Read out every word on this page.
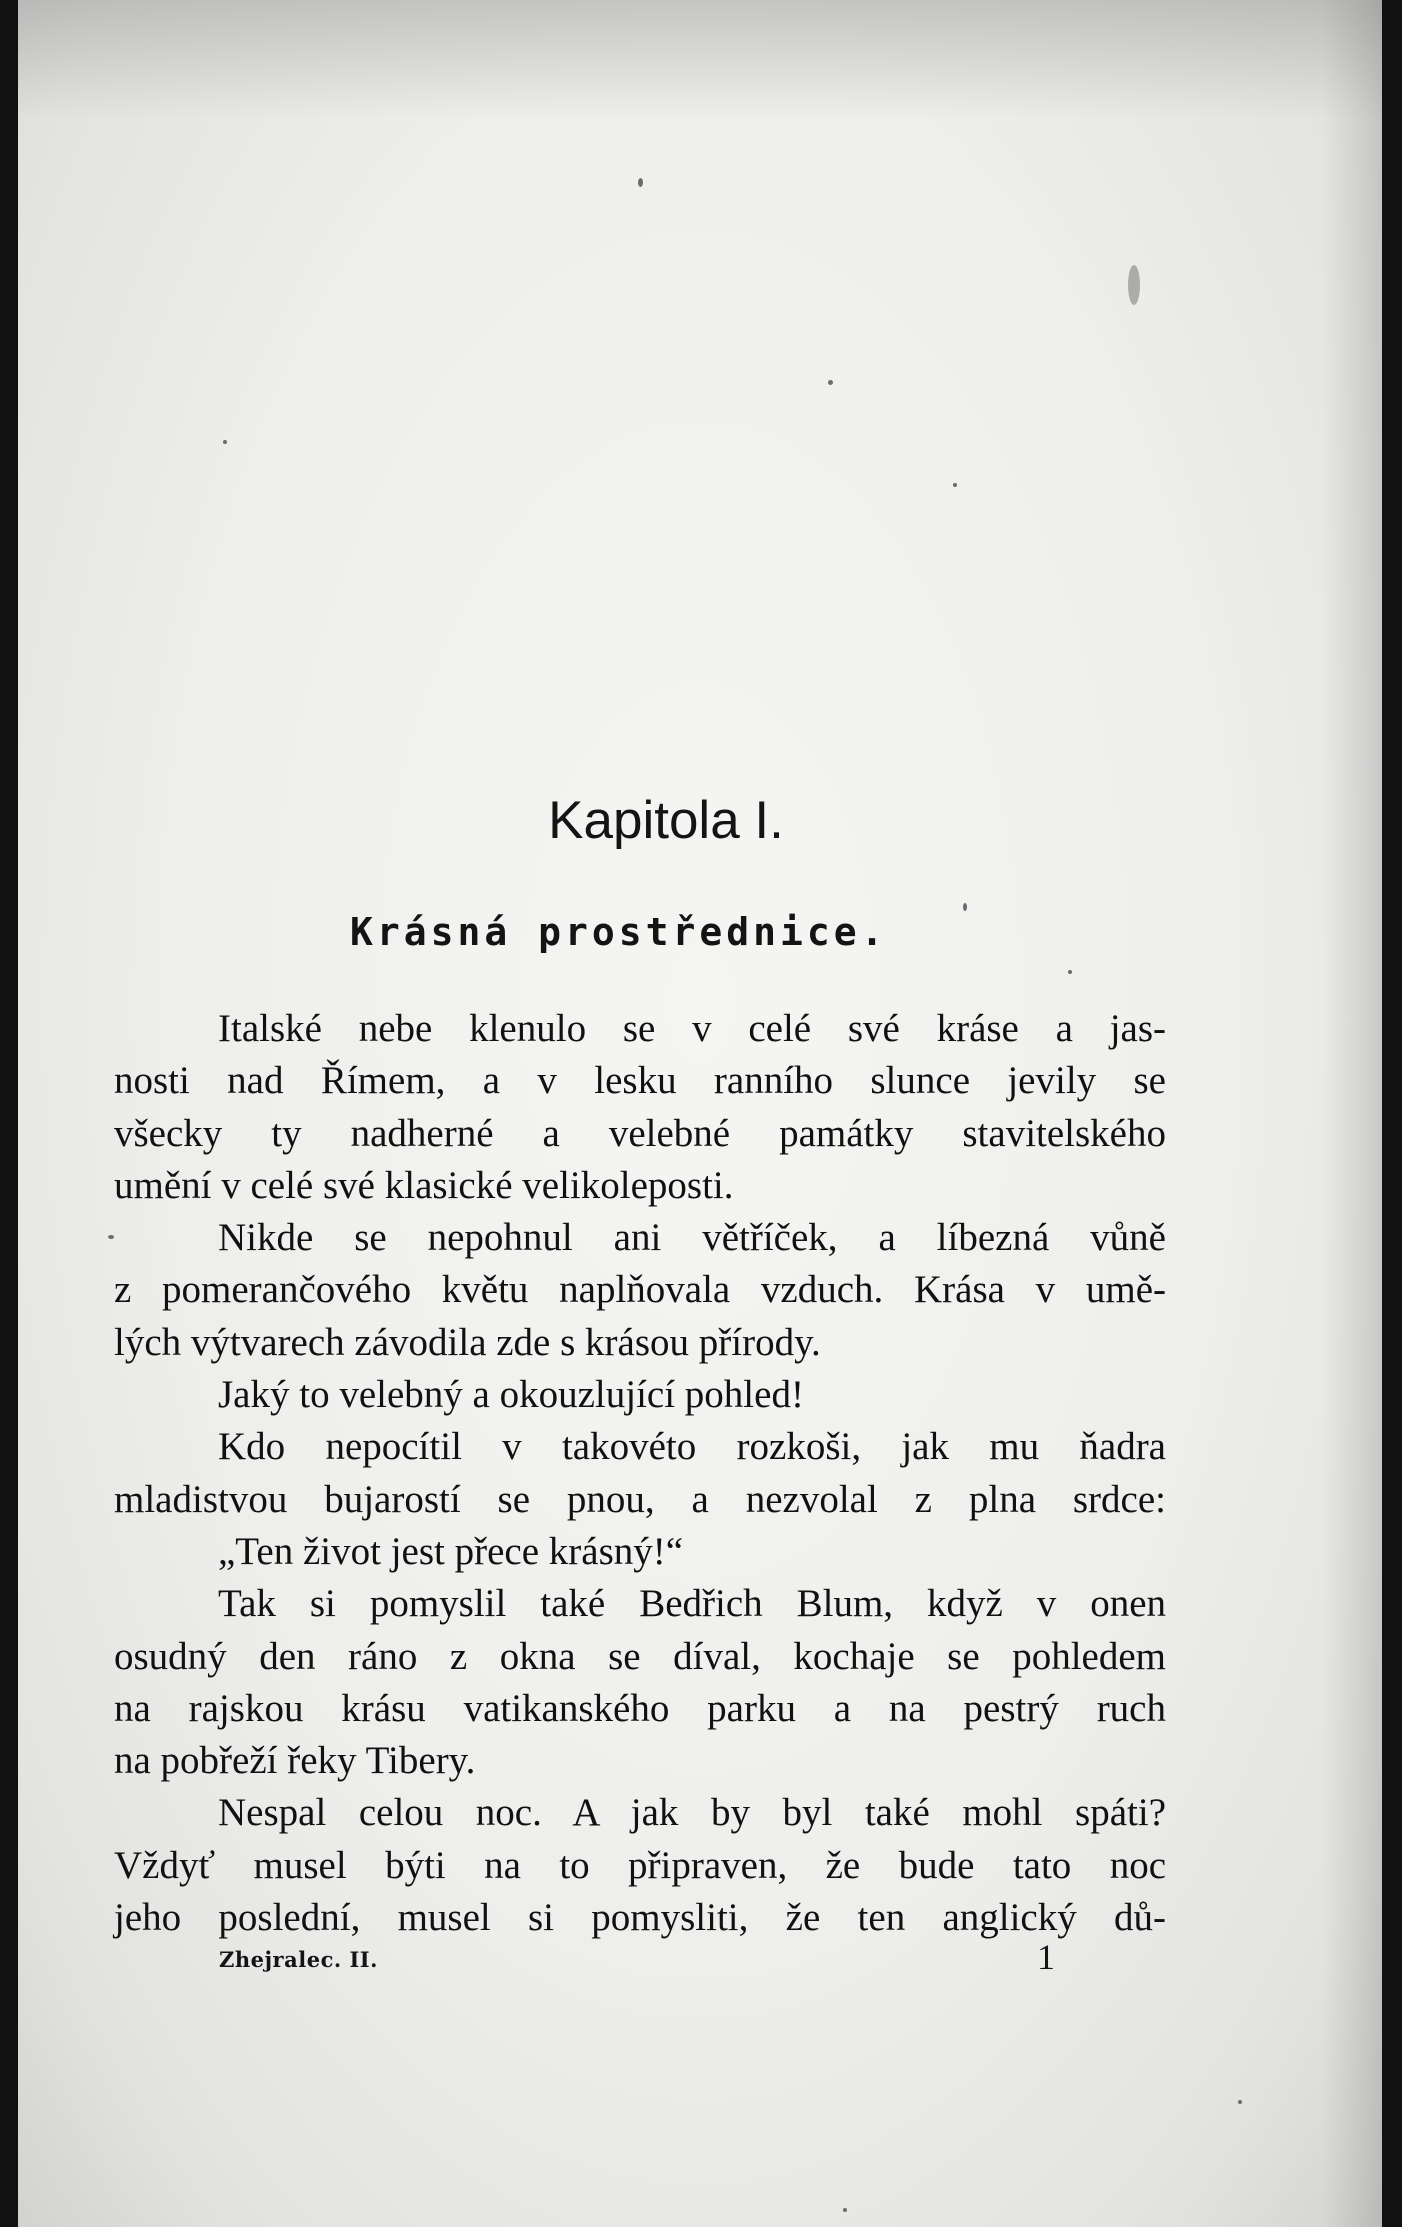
Kapitola I.
Krásná prostřednice.
Italské nebe klenulo se v celé své kráse a jas-
nosti nad Římem, a v lesku ranního slunce jevily se
všecky ty nadherné a velebné památky stavitelského
umění v celé své klasické velikoleposti.
Nikde se nepohnul ani větříček, a líbezná vůně
z pomerančového květu naplňovala vzduch. Krása v umě-
lých výtvarech závodila zde s krásou přírody.
Jaký to velebný a okouzlující pohled!
Kdo nepocítil v takovéto rozkoši, jak mu ňadra
mladistvou bujarostí se pnou, a nezvolal z plna srdce:
„Ten život jest přece krásný!“
Tak si pomyslil také Bedřich Blum, když v onen
osudný den ráno z okna se díval, kochaje se pohledem
na rajskou krásu vatikanského parku a na pestrý ruch
na pobřeží řeky Tibery.
Nespal celou noc. A jak by byl také mohl spáti?
Vždyť musel býti na to připraven, že bude tato noc
jeho poslední, musel si pomysliti, že ten anglický dů-
Zhejralec. II.	1
